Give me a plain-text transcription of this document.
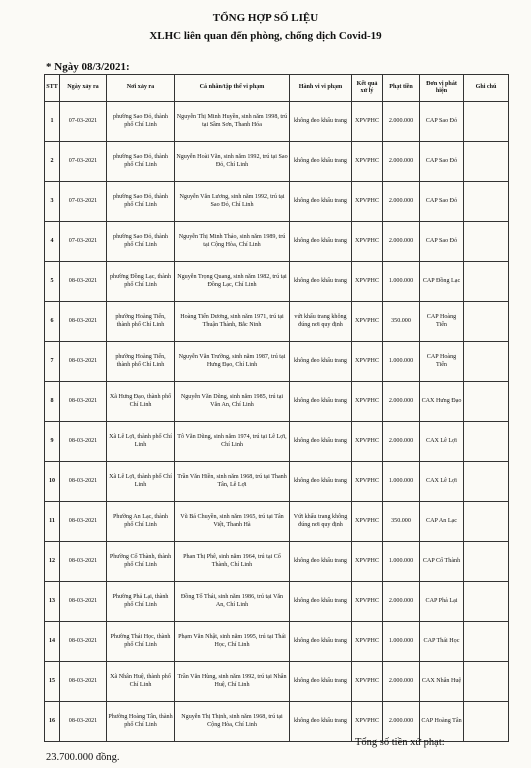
TỔNG HỢP SỐ LIỆU
XLHC liên quan đến phòng, chống dịch Covid-19
* Ngày 08/3/2021:
STT	Ngày xảy ra	Nơi xảy ra	Cá nhân/tập thể vi phạm	Hành vi vi phạm	Kết quả xử lý	Phạt tiền	Đơn vị phát hiện	Ghi chú
1	07-03-2021	phường Sao Đỏ, thành phố Chí Linh	Nguyễn Thị Minh Huyền, sinh năm 1998, trú tại Sầm Sơn, Thanh Hóa	không đeo khẩu trang	XPVPHC	2.000.000	CAP Sao Đỏ	
2	07-03-2021	phường Sao Đỏ, thành phố Chí Linh	Nguyễn Hoài Văn, sinh năm 1992, trú tại Sao Đỏ, Chí Linh	không đeo khẩu trang	XPVPHC	2.000.000	CAP Sao Đỏ	
3	07-03-2021	phường Sao Đỏ, thành phố Chí Linh	Nguyễn Văn Lương, sinh năm 1992, trú tại Sao Đỏ, Chí Linh	không đeo khẩu trang	XPVPHC	2.000.000	CAP Sao Đỏ	
4	07-03-2021	phường Sao Đỏ, thành phố Chí Linh	Nguyễn Thị Minh Thảo, sinh năm 1989, trú tại Cộng Hòa, Chí Linh	không đeo khẩu trang	XPVPHC	2.000.000	CAP Sao Đỏ	
5	08-03-2021	phường Đồng Lạc, thành phố Chí Linh	Nguyễn Trọng Quang, sinh năm 1982, trú tại Đồng Lạc, Chí Linh	không đeo khẩu trang	XPVPHC	1.000.000	CAP Đồng Lạc	
6	08-03-2021	phường Hoàng Tiến, thành phố Chí Linh	Hoàng Tiến Dương, sinh năm 1971, trú tại Thuận Thành, Bắc Ninh	vứt khẩu trang không đúng nơi quy định	XPVPHC	350.000	CAP Hoàng Tiến	
7	08-03-2021	phường Hoàng Tiến, thành phố Chí Linh	Nguyễn Văn Trường, sinh năm 1987, trú tại Hưng Đạo, Chí Linh	không đeo khẩu trang	XPVPHC	1.000.000	CAP Hoàng Tiến	
8	08-03-2021	Xã Hưng Đạo, thành phố Chí Linh	Nguyễn Văn Dũng, sinh năm 1985, trú tại Văn An, Chí Linh	không đeo khẩu trang	XPVPHC	2.000.000	CAX Hưng Đạo	
9	08-03-2021	Xã Lê Lợi, thành phố Chí Linh	Tô Văn Dũng, sinh năm 1974, trú tại Lê Lợi, Chí Linh	không đeo khẩu trang	XPVPHC	2.000.000	CAX Lê Lợi	
10	08-03-2021	Xã Lê Lợi, thành phố Chí Linh	Trần Văn Hiền, sinh năm 1968, trú tại Thanh Tân, Lê Lợi	không đeo khẩu trang	XPVPHC	1.000.000	CAX Lê Lợi	
11	08-03-2021	Phường An Lạc, thành phố Chí Linh	Vũ Bá Chuyền, sinh năm 1965, trú tại Tân Việt, Thanh Hà	Vứt khẩu trang không đúng nơi quy định	XPVPHC	350.000	CAP An Lạc	
12	08-03-2021	Phường Cổ Thành, thành phố Chí Linh	Phan Thị Phê, sinh năm 1964, trú tại Cổ Thành, Chí Linh	không đeo khẩu trang	XPVPHC	1.000.000	CAP Cổ Thành	
13	08-03-2021	Phường Phả Lại, thành phố Chí Linh	Đồng Tố Thái, sinh năm 1986, trú tại Văn An, Chí Linh	không đeo khẩu trang	XPVPHC	2.000.000	CAP Phả Lại	
14	08-03-2021	Phường Thái Học, thành phố Chí Linh	Phạm Văn Nhật, sinh năm 1995, trú tại Thái Học, Chí Linh	không đeo khẩu trang	XPVPHC	1.000.000	CAP Thái Học	
15	08-03-2021	Xã Nhân Huệ, thành phố Chí Linh	Trần Văn Hùng, sinh năm 1992, trú tại Nhân Huệ, Chí Linh	không đeo khẩu trang	XPVPHC	2.000.000	CAX Nhân Huệ	
16	08-03-2021	Phường Hoàng Tân, thành phố Chí Linh	Nguyễn Thị Thịnh, sinh năm 1968, trú tại Cộng Hòa, Chí Linh	không đeo khẩu trang	XPVPHC	2.000.000	CAP Hoàng Tân	
Tổng số tiền xử phạt:
23.700.000 đồng.
